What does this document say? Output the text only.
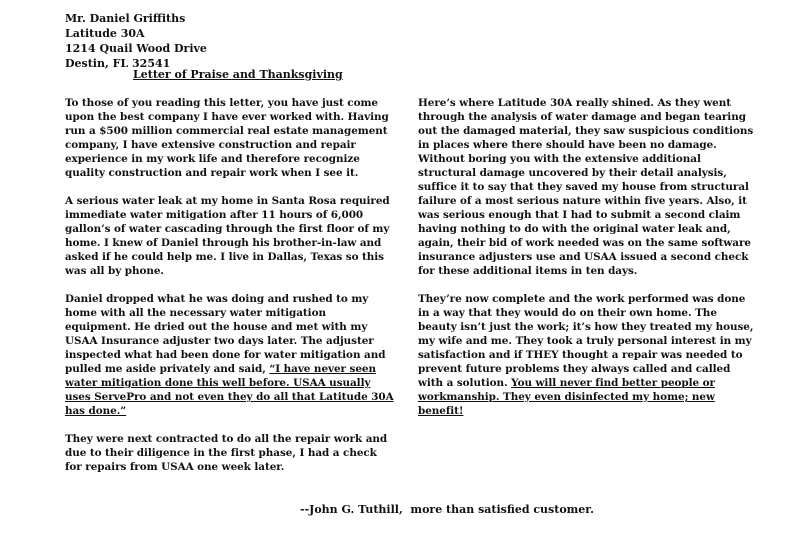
Mr. Daniel Griffiths
Latitude 30A
1214 Quail Wood Drive
Destin, FL 32541
Letter of Praise and Thanksgiving

To those of you reading this letter, you have just come upon the best company I have ever worked with. Having run a $500 million commercial real estate management company, I have extensive construction and repair experience in my work life and therefore recognize quality construction and repair work when I see it.

A serious water leak at my home in Santa Rosa required immediate water mitigation after 11 hours of 6,000 gallon’s of water cascading through the first floor of my home. I knew of Daniel through his brother-in-law and asked if he could help me. I live in Dallas, Texas so this was all by phone.

Daniel dropped what he was doing and rushed to my home with all the necessary water mitigation equipment. He dried out the house and met with my USAA Insurance adjuster two days later. The adjuster inspected what had been done for water mitigation and pulled me aside privately and said, “I have never seen water mitigation done this well before. USAA usually uses ServePro and not even they do all that Latitude 30A has done.”

They were next contracted to do all the repair work and due to their diligence in the first phase, I had a check for repairs from USAA one week later.

Here’s where Latitude 30A really shined. As they went through the analysis of water damage and began tearing out the damaged material, they saw suspicious conditions in places where there should have been no damage. Without boring you with the extensive additional structural damage uncovered by their detail analysis, suffice it to say that they saved my house from structural failure of a most serious nature within five years. Also, it was serious enough that I had to submit a second claim having nothing to do with the original water leak and, again, their bid of work needed was on the same software insurance adjusters use and USAA issued a second check for these additional items in ten days.

They’re now complete and the work performed was done in a way that they would do on their own home. The beauty isn’t just the work; it’s how they treated my house, my wife and me. They took a truly personal interest in my satisfaction and if THEY thought a repair was needed to prevent future problems they always called and called with a solution. You will never find better people or workmanship. They even disinfected my home; new benefit!

--John G. Tuthill,  more than satisfied customer.
